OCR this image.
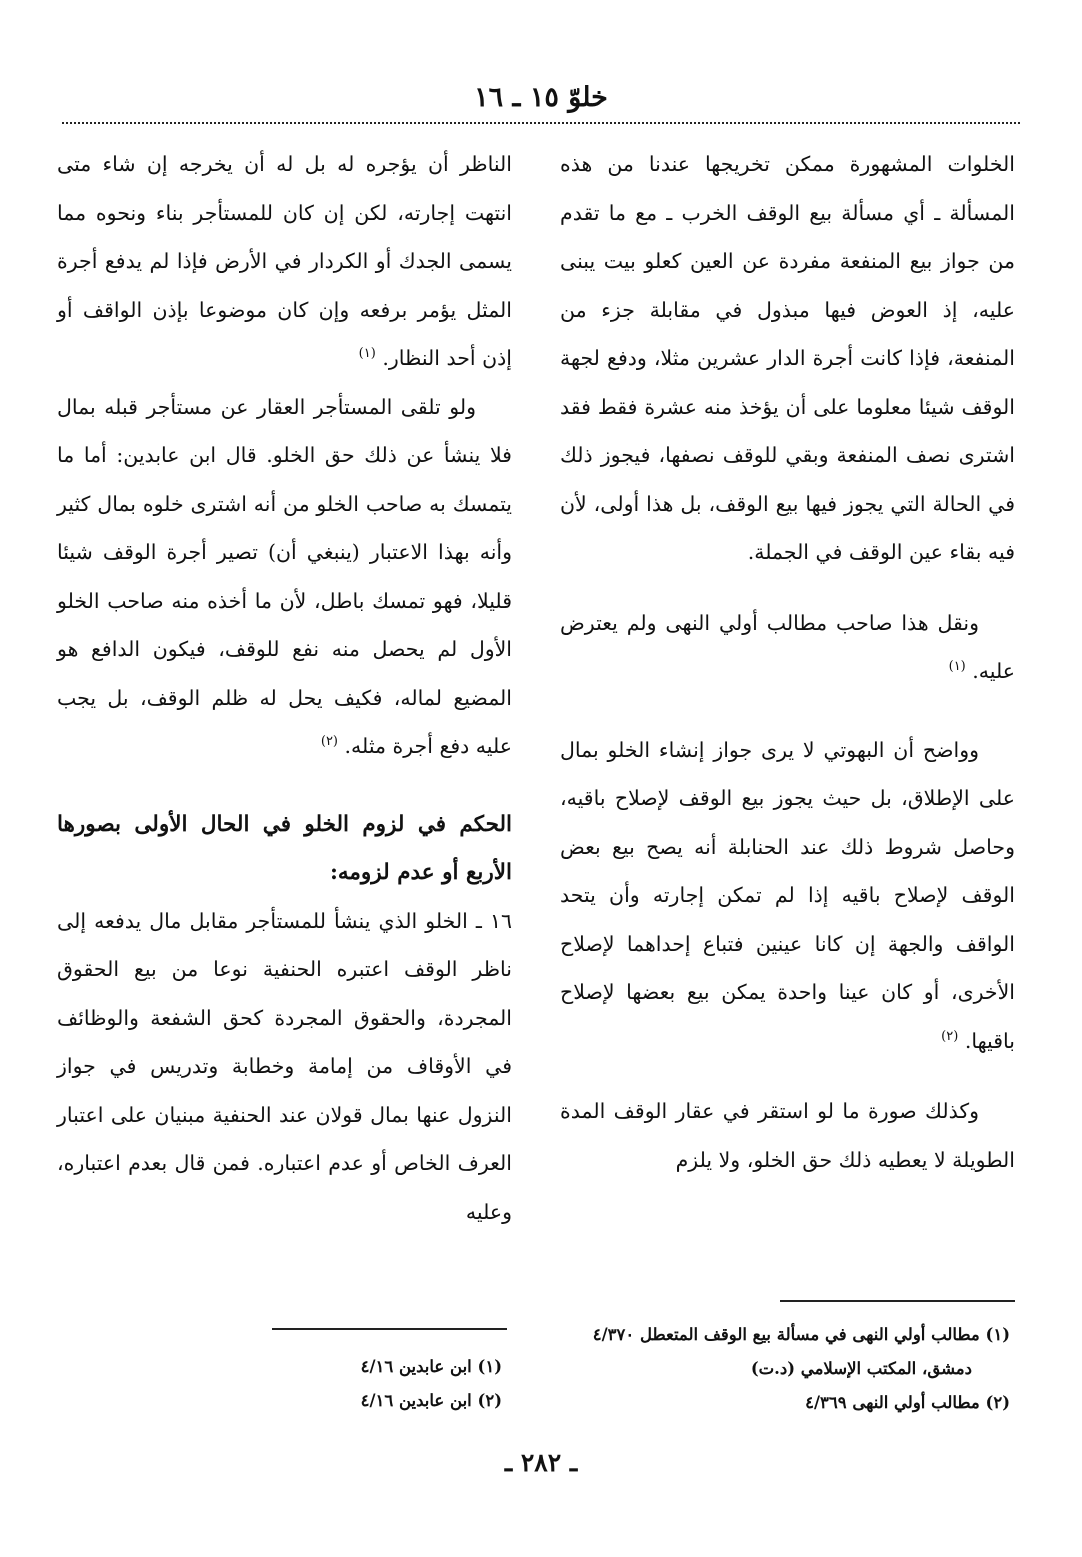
خلوّ ١٥ ـ ١٦

الخلوات المشهورة ممكن تخريجها عندنا من هذه المسألة ـ أي مسألة بيع الوقف الخرب ـ مع ما تقدم من جواز بيع المنفعة مفردة عن العين كعلو بيت يبنى عليه، إذ العوض فيها مبذول في مقابلة جزء من المنفعة، فإذا كانت أجرة الدار عشرين مثلا، ودفع لجهة الوقف شيئا معلوما على أن يؤخذ منه عشرة فقط فقد اشترى نصف المنفعة وبقي للوقف نصفها، فيجوز ذلك في الحالة التي يجوز فيها بيع الوقف، بل هذا أولى، لأن فيه بقاء عين الوقف في الجملة.

ونقل هذا صاحب مطالب أولي النهى ولم يعترض عليه. $^{(١)}$

وواضح أن البهوتي لا يرى جواز إنشاء الخلو بمال على الإطلاق، بل حيث يجوز بيع الوقف لإصلاح باقيه، وحاصل شروط ذلك عند الحنابلة أنه يصح بيع بعض الوقف لإصلاح باقيه إذا لم تمكن إجارته وأن يتحد الواقف والجهة إن كانا عينين فتباع إحداهما لإصلاح الأخرى، أو كان عينا واحدة يمكن بيع بعضها لإصلاح باقيها. $^{(٢)}$

وكذلك صورة ما لو استقر في عقار الوقف المدة الطويلة لا يعطيه ذلك حق الخلو، ولا يلزم

الناظر أن يؤجره له بل له أن يخرجه إن شاء متى انتهت إجارته، لكن إن كان للمستأجر بناء ونحوه مما يسمى الجدك أو الكردار في الأرض فإذا لم يدفع أجرة المثل يؤمر برفعه وإن كان موضوعا بإذن الواقف أو إذن أحد النظار. $^{(١)}$

ولو تلقى المستأجر العقار عن مستأجر قبله بمال فلا ينشأ عن ذلك حق الخلو. قال ابن عابدين: أما ما يتمسك به صاحب الخلو من أنه اشترى خلوه بمال كثير وأنه بهذا الاعتبار (ينبغي أن) تصير أجرة الوقف شيئا قليلا، فهو تمسك باطل، لأن ما أخذه منه صاحب الخلو الأول لم يحصل منه نفع للوقف، فيكون الدافع هو المضيع لماله، فكيف يحل له ظلم الوقف، بل يجب عليه دفع أجرة مثله. $^{(٢)}$

الحكم في لزوم الخلو في الحال الأولى بصورها الأربع أو عدم لزومه:

١٦ ـ الخلو الذي ينشأ للمستأجر مقابل مال يدفعه إلى ناظر الوقف اعتبره الحنفية نوعا من بيع الحقوق المجردة، والحقوق المجردة كحق الشفعة والوظائف في الأوقاف من إمامة وخطابة وتدريس في جواز النزول عنها بمال قولان عند الحنفية مبنيان على اعتبار العرف الخاص أو عدم اعتباره. فمن قال بعدم اعتباره، وعليه

(١) مطالب أولي النهى في مسألة بيع الوقف المتعطل ٤/٣٧٠
دمشق، المكتب الإسلامي (د.ت)
(٢) مطالب أولي النهى ٤/٣٦٩
(١) ابن عابدين ٤/١٦
(٢) ابن عابدين ٤/١٦
ـ ٢٨٢ ـ
